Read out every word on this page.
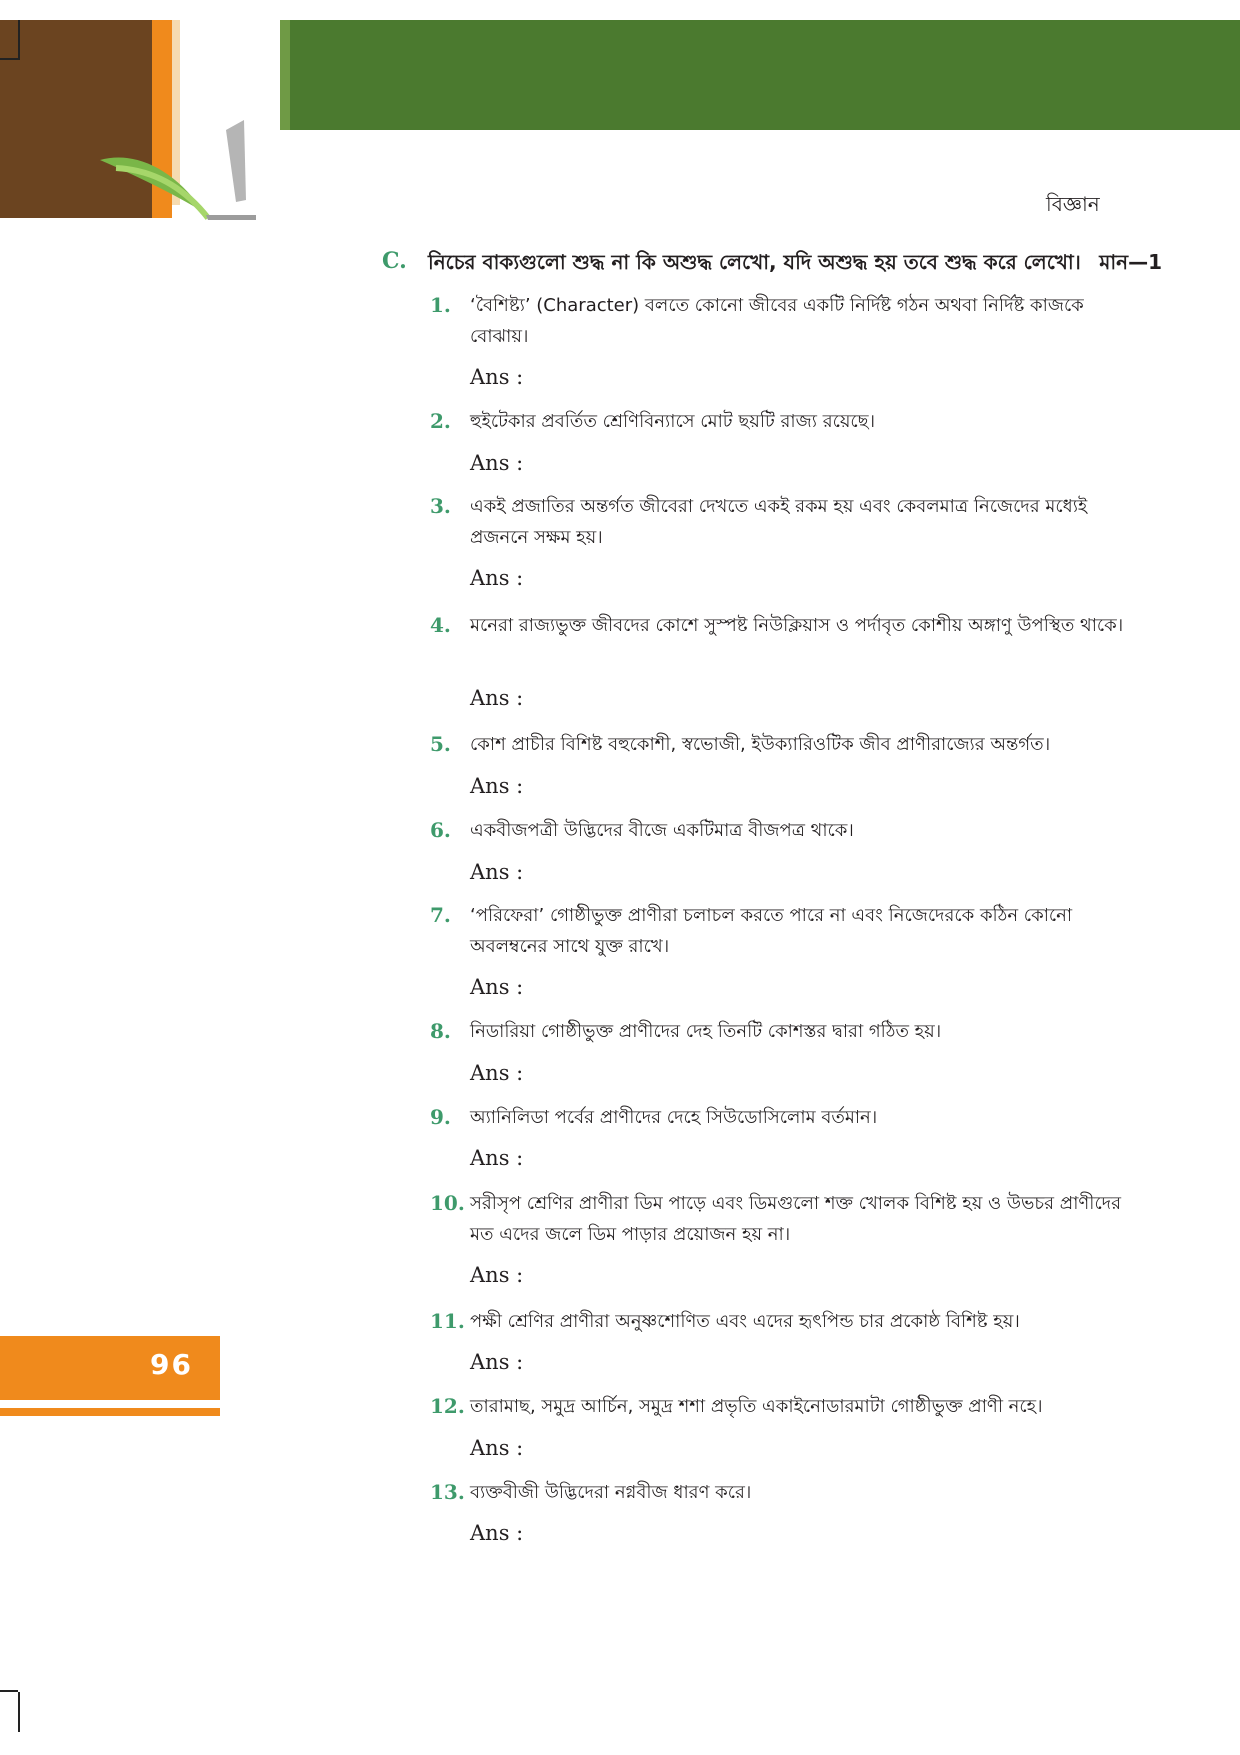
বিজ্ঞান
C.	নিচের বাক্যগুলো শুদ্ধ না কি অশুদ্ধ লেখো, যদি অশুদ্ধ হয় তবে শুদ্ধ করে লেখো। মান—1
1.	‘বৈশিষ্ট্য’ (Character) বলতে কোনো জীবের একটি নির্দিষ্ট গঠন অথবা নির্দিষ্ট কাজকে বোঝায়।
Ans :
2.	হুইটেকার প্রবর্তিত শ্রেণিবিন্যাসে মোট ছয়টি রাজ্য রয়েছে।
Ans :
3.	একই প্রজাতির অন্তর্গত জীবেরা দেখতে একই রকম হয় এবং কেবলমাত্র নিজেদের মধ্যেই প্রজননে সক্ষম হয়।
Ans :
4.	মনেরা রাজ্যভুক্ত জীবদের কোশে সুস্পষ্ট নিউক্লিয়াস ও পর্দাবৃত কোশীয় অঙ্গাণু উপস্থিত থাকে।
Ans :
5.	কোশ প্রাচীর বিশিষ্ট বহুকোশী, স্বভোজী, ইউক্যারিওটিক জীব প্রাণীরাজ্যের অন্তর্গত।
Ans :
6.	একবীজপত্রী উদ্ভিদের বীজে একটিমাত্র বীজপত্র থাকে।
Ans :
7.	‘পরিফেরা’ গোষ্ঠীভুক্ত প্রাণীরা চলাচল করতে পারে না এবং নিজেদেরকে কঠিন কোনো অবলম্বনের সাথে যুক্ত রাখে।
Ans :
8.	নিডারিয়া গোষ্ঠীভুক্ত প্রাণীদের দেহ তিনটি কোশস্তর দ্বারা গঠিত হয়।
Ans :
9.	অ্যানিলিডা পর্বের প্রাণীদের দেহে সিউডোসিলোম বর্তমান।
Ans :
10. সরীসৃপ শ্রেণির প্রাণীরা ডিম পাড়ে এবং ডিমগুলো শক্ত খোলক বিশিষ্ট হয় ও উভচর প্রাণীদের মত এদের জলে ডিম পাড়ার প্রয়োজন হয় না।
Ans :
11. পক্ষী শ্রেণির প্রাণীরা অনুষ্ণশোণিত এবং এদের হৃৎপিন্ড চার প্রকোষ্ঠ বিশিষ্ট হয়।
Ans :
12. তারামাছ, সমুদ্র আর্চিন, সমুদ্র শশা প্রভৃতি একাইনোডারমাটা গোষ্ঠীভুক্ত প্রাণী নহে।
Ans :
13. ব্যক্তবীজী উদ্ভিদেরা নগ্নবীজ ধারণ করে।
Ans :
96
